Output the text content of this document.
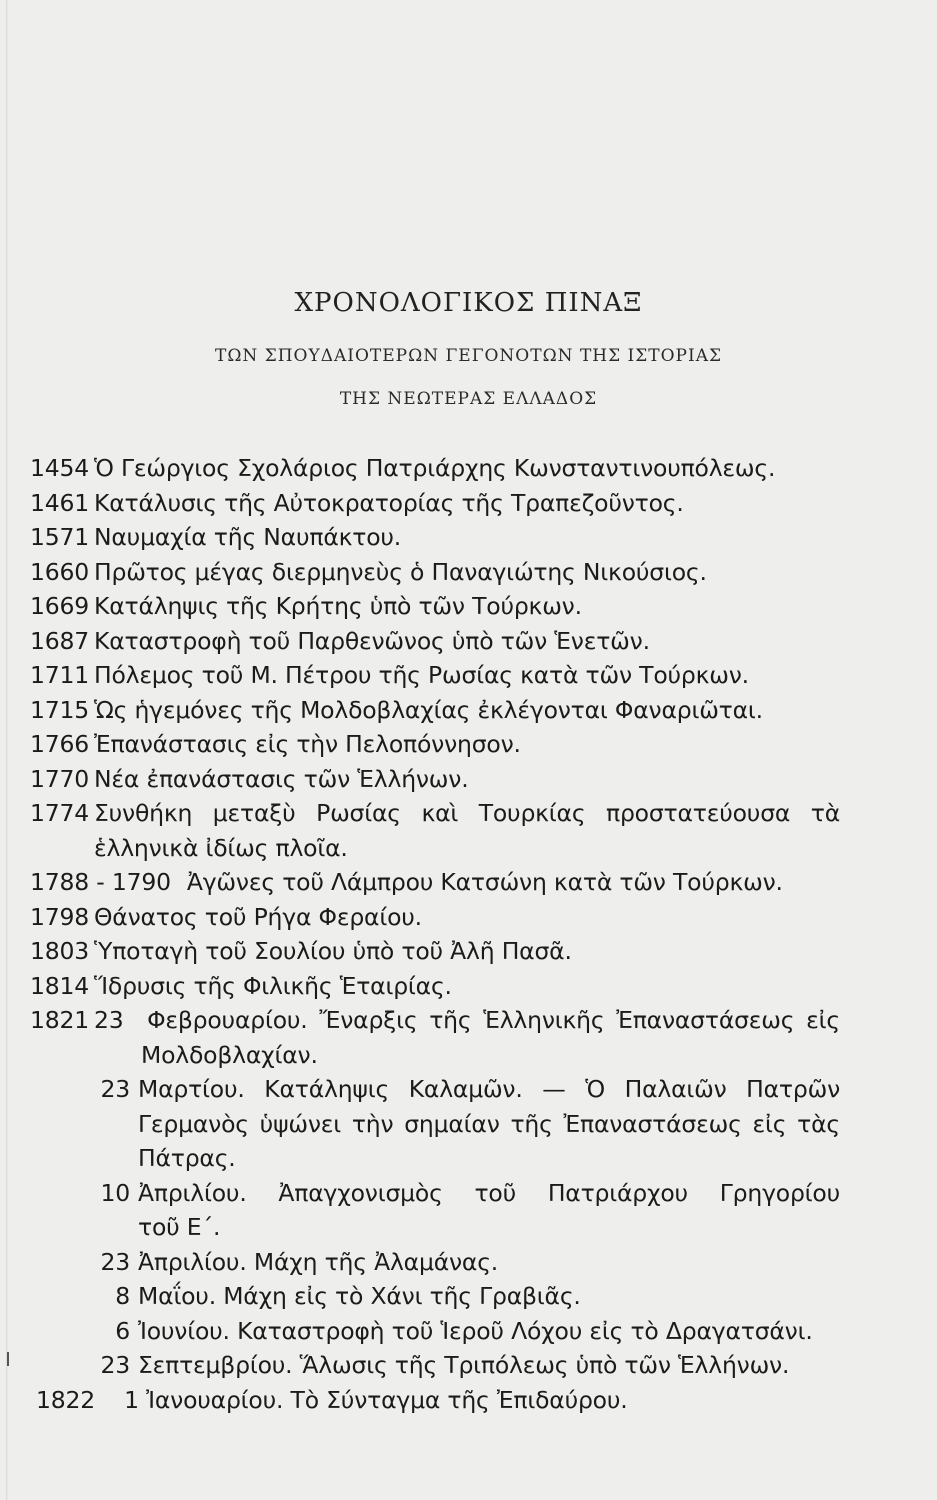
ΧΡΟΝΟΛΟΓΙΚΟΣ ΠΙΝΑΞ
ΤΩΝ ΣΠΟΥΔΑΙΟΤΕΡΩΝ ΓΕΓΟΝΟΤΩΝ ΤΗΣ ΙΣΤΟΡΙΑΣ
ΤΗΣ ΝΕΩΤΕΡΑΣ ΕΛΛΑΔΟΣ
1454 Ὁ Γεώργιος Σχολάριος Πατριάρχης Κωνσταντινουπόλεως.
1461 Κατάλυσις τῆς Αὐτοκρατορίας τῆς Τραπεζοῦντος.
1571 Ναυμαχία τῆς Ναυπάκτου.
1660 Πρῶτος μέγας διερμηνεὺς ὁ Παναγιώτης Νικούσιος.
1669 Κατάληψις τῆς Κρήτης ὑπὸ τῶν Τούρκων.
1687 Καταστροφὴ τοῦ Παρθενῶνος ὑπὸ τῶν Ἑνετῶν.
1711 Πόλεμος τοῦ Μ. Πέτρου τῆς Ρωσίας κατὰ τῶν Τούρκων.
1715 Ὡς ἡγεμόνες τῆς Μολδοβλαχίας ἐκλέγονται Φαναριῶται.
1766 Ἐπανάστασις εἰς τὴν Πελοπόννησον.
1770 Νέα ἐπανάστασις τῶν Ἑλλήνων.
1774 Συνθήκη μεταξὺ Ρωσίας καὶ Τουρκίας προστατεύουσα τὰ
ἑλληνικὰ ἰδίως πλοῖα.
1788 - 1790 Ἀγῶνες τοῦ Λάμπρου Κατσώνη κατὰ τῶν Τούρκων.
1798 Θάνατος τοῦ Ρήγα Φεραίου.
1803 Ὑποταγὴ τοῦ Σουλίου ὑπὸ τοῦ Ἀλῆ Πασᾶ.
1814 Ἵδρυσις τῆς Φιλικῆς Ἑταιρίας.
1821 23 Φεβρουαρίου. Ἔναρξις τῆς Ἑλληνικῆς Ἐπαναστάσεως εἰς
Μολδοβλαχίαν.
23 Μαρτίου. Κατάληψις Καλαμῶν. — Ὁ Παλαιῶν Πατρῶν
Γερμανὸς ὑψώνει τὴν σημαίαν τῆς Ἐπαναστάσεως εἰς τὰς
Πάτρας.
10 Ἀπριλίου. Ἀπαγχονισμὸς τοῦ Πατριάρχου Γρηγορίου
τοῦ Ε΄.
23 Ἀπριλίου. Μάχη τῆς Ἀλαμάνας.
8 Μαΐου. Μάχη εἰς τὸ Χάνι τῆς Γραβιᾶς.
6 Ἰουνίου. Καταστροφὴ τοῦ Ἱεροῦ Λόχου εἰς τὸ Δραγατσάνι.
23 Σεπτεμβρίου. Ἅλωσις τῆς Τριπόλεως ὑπὸ τῶν Ἑλλήνων.
1822 1 Ἰανουαρίου. Τὸ Σύνταγμα τῆς Ἐπιδαύρου.
